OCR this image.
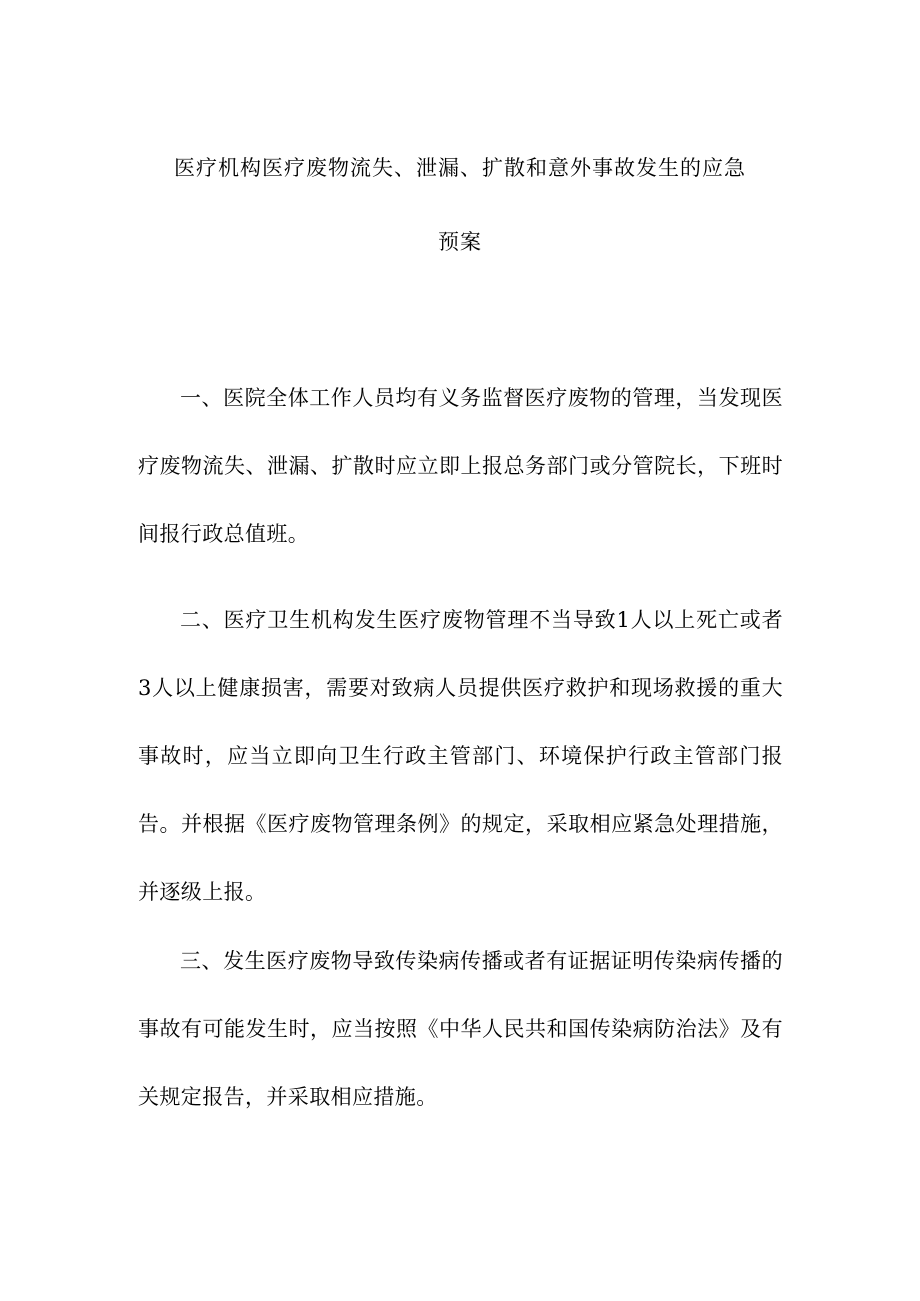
医疗机构医疗废物流失、泄漏、扩散和意外事故发生的应急
预案

一、医院全体工作人员均有义务监督医疗废物的管理，当发现医疗废物流失、泄漏、扩散时应立即上报总务部门或分管院长，下班时间报行政总值班。

二、医疗卫生机构发生医疗废物管理不当导致1人以上死亡或者3人以上健康损害，需要对致病人员提供医疗救护和现场救援的重大事故时，应当立即向卫生行政主管部门、环境保护行政主管部门报告。并根据《医疗废物管理条例》的规定，采取相应紧急处理措施，并逐级上报。

三、发生医疗废物导致传染病传播或者有证据证明传染病传播的事故有可能发生时，应当按照《中华人民共和国传染病防治法》及有关规定报告，并采取相应措施。
